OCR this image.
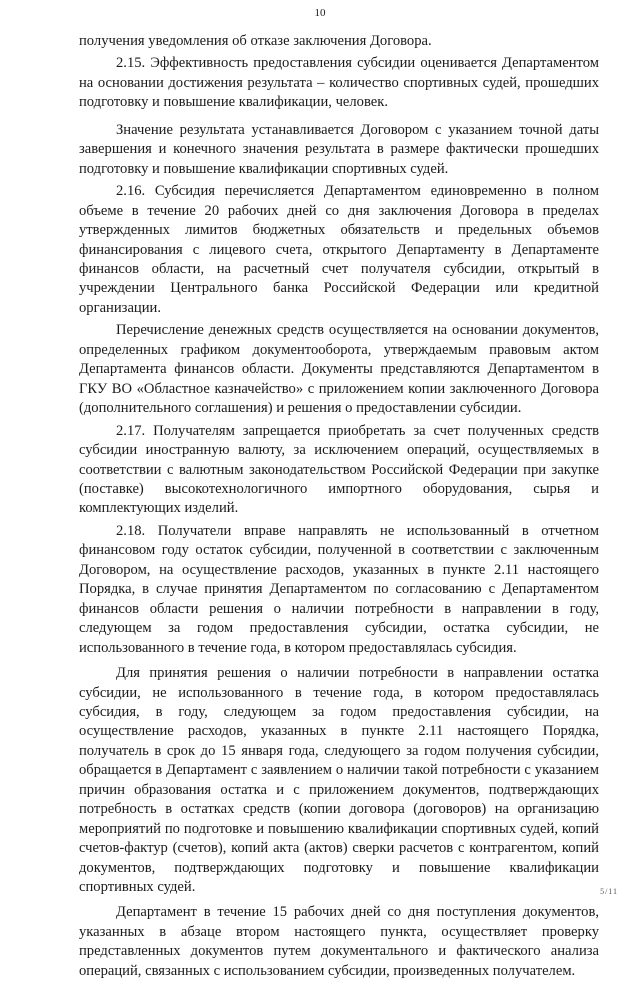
10

получения уведомления об отказе заключения Договора.

2.15. Эффективность предоставления субсидии оценивается Департаментом на основании достижения результата – количество спортивных судей, прошедших подготовку и повышение квалификации, человек.

Значение результата устанавливается Договором с указанием точной даты завершения и конечного значения результата в размере фактически прошедших подготовку и повышение квалификации спортивных судей.

2.16. Субсидия перечисляется Департаментом единовременно в полном объеме в течение 20 рабочих дней со дня заключения Договора в пределах утвержденных лимитов бюджетных обязательств и предельных объемов финансирования с лицевого счета, открытого Департаменту в Департаменте финансов области, на расчетный счет получателя субсидии, открытый в учреждении Центрального банка Российской Федерации или кредитной организации.

Перечисление денежных средств осуществляется на основании документов, определенных графиком документооборота, утверждаемым правовым актом Департамента финансов области. Документы представляются Департаментом в ГКУ ВО «Областное казначейство» с приложением копии заключенного Договора (дополнительного соглашения) и решения о предоставлении субсидии.

2.17. Получателям запрещается приобретать за счет полученных средств субсидии иностранную валюту, за исключением операций, осуществляемых в соответствии с валютным законодательством Российской Федерации при закупке (поставке) высокотехнологичного импортного оборудования, сырья и комплектующих изделий.

2.18. Получатели вправе направлять не использованный в отчетном финансовом году остаток субсидии, полученной в соответствии с заключенным Договором, на осуществление расходов, указанных в пункте 2.11 настоящего Порядка, в случае принятия Департаментом по согласованию с Департаментом финансов области решения о наличии потребности в направлении в году, следующем за годом предоставления субсидии, остатка субсидии, не использованного в течение года, в котором предоставлялась субсидия.

Для принятия решения о наличии потребности в направлении остатка субсидии, не использованного в течение года, в котором предоставлялась субсидия, в году, следующем за годом предоставления субсидии, на осуществление расходов, указанных в пункте 2.11 настоящего Порядка, получатель в срок до 15 января года, следующего за годом получения субсидии, обращается в Департамент с заявлением о наличии такой потребности с указанием причин образования остатка и с приложением документов, подтверждающих потребность в остатках средств (копии договора (договоров) на организацию мероприятий по подготовке и повышению квалификации спортивных судей, копий счетов-фактур (счетов), копий акта (актов) сверки расчетов с контрагентом, копий документов, подтверждающих подготовку и повышение квалификации спортивных судей.

Департамент в течение 15 рабочих дней со дня поступления документов, указанных в абзаце втором настоящего пункта, осуществляет проверку представленных документов путем документального и фактического анализа операций, связанных с использованием субсидии, произведенных получателем.

5/11
